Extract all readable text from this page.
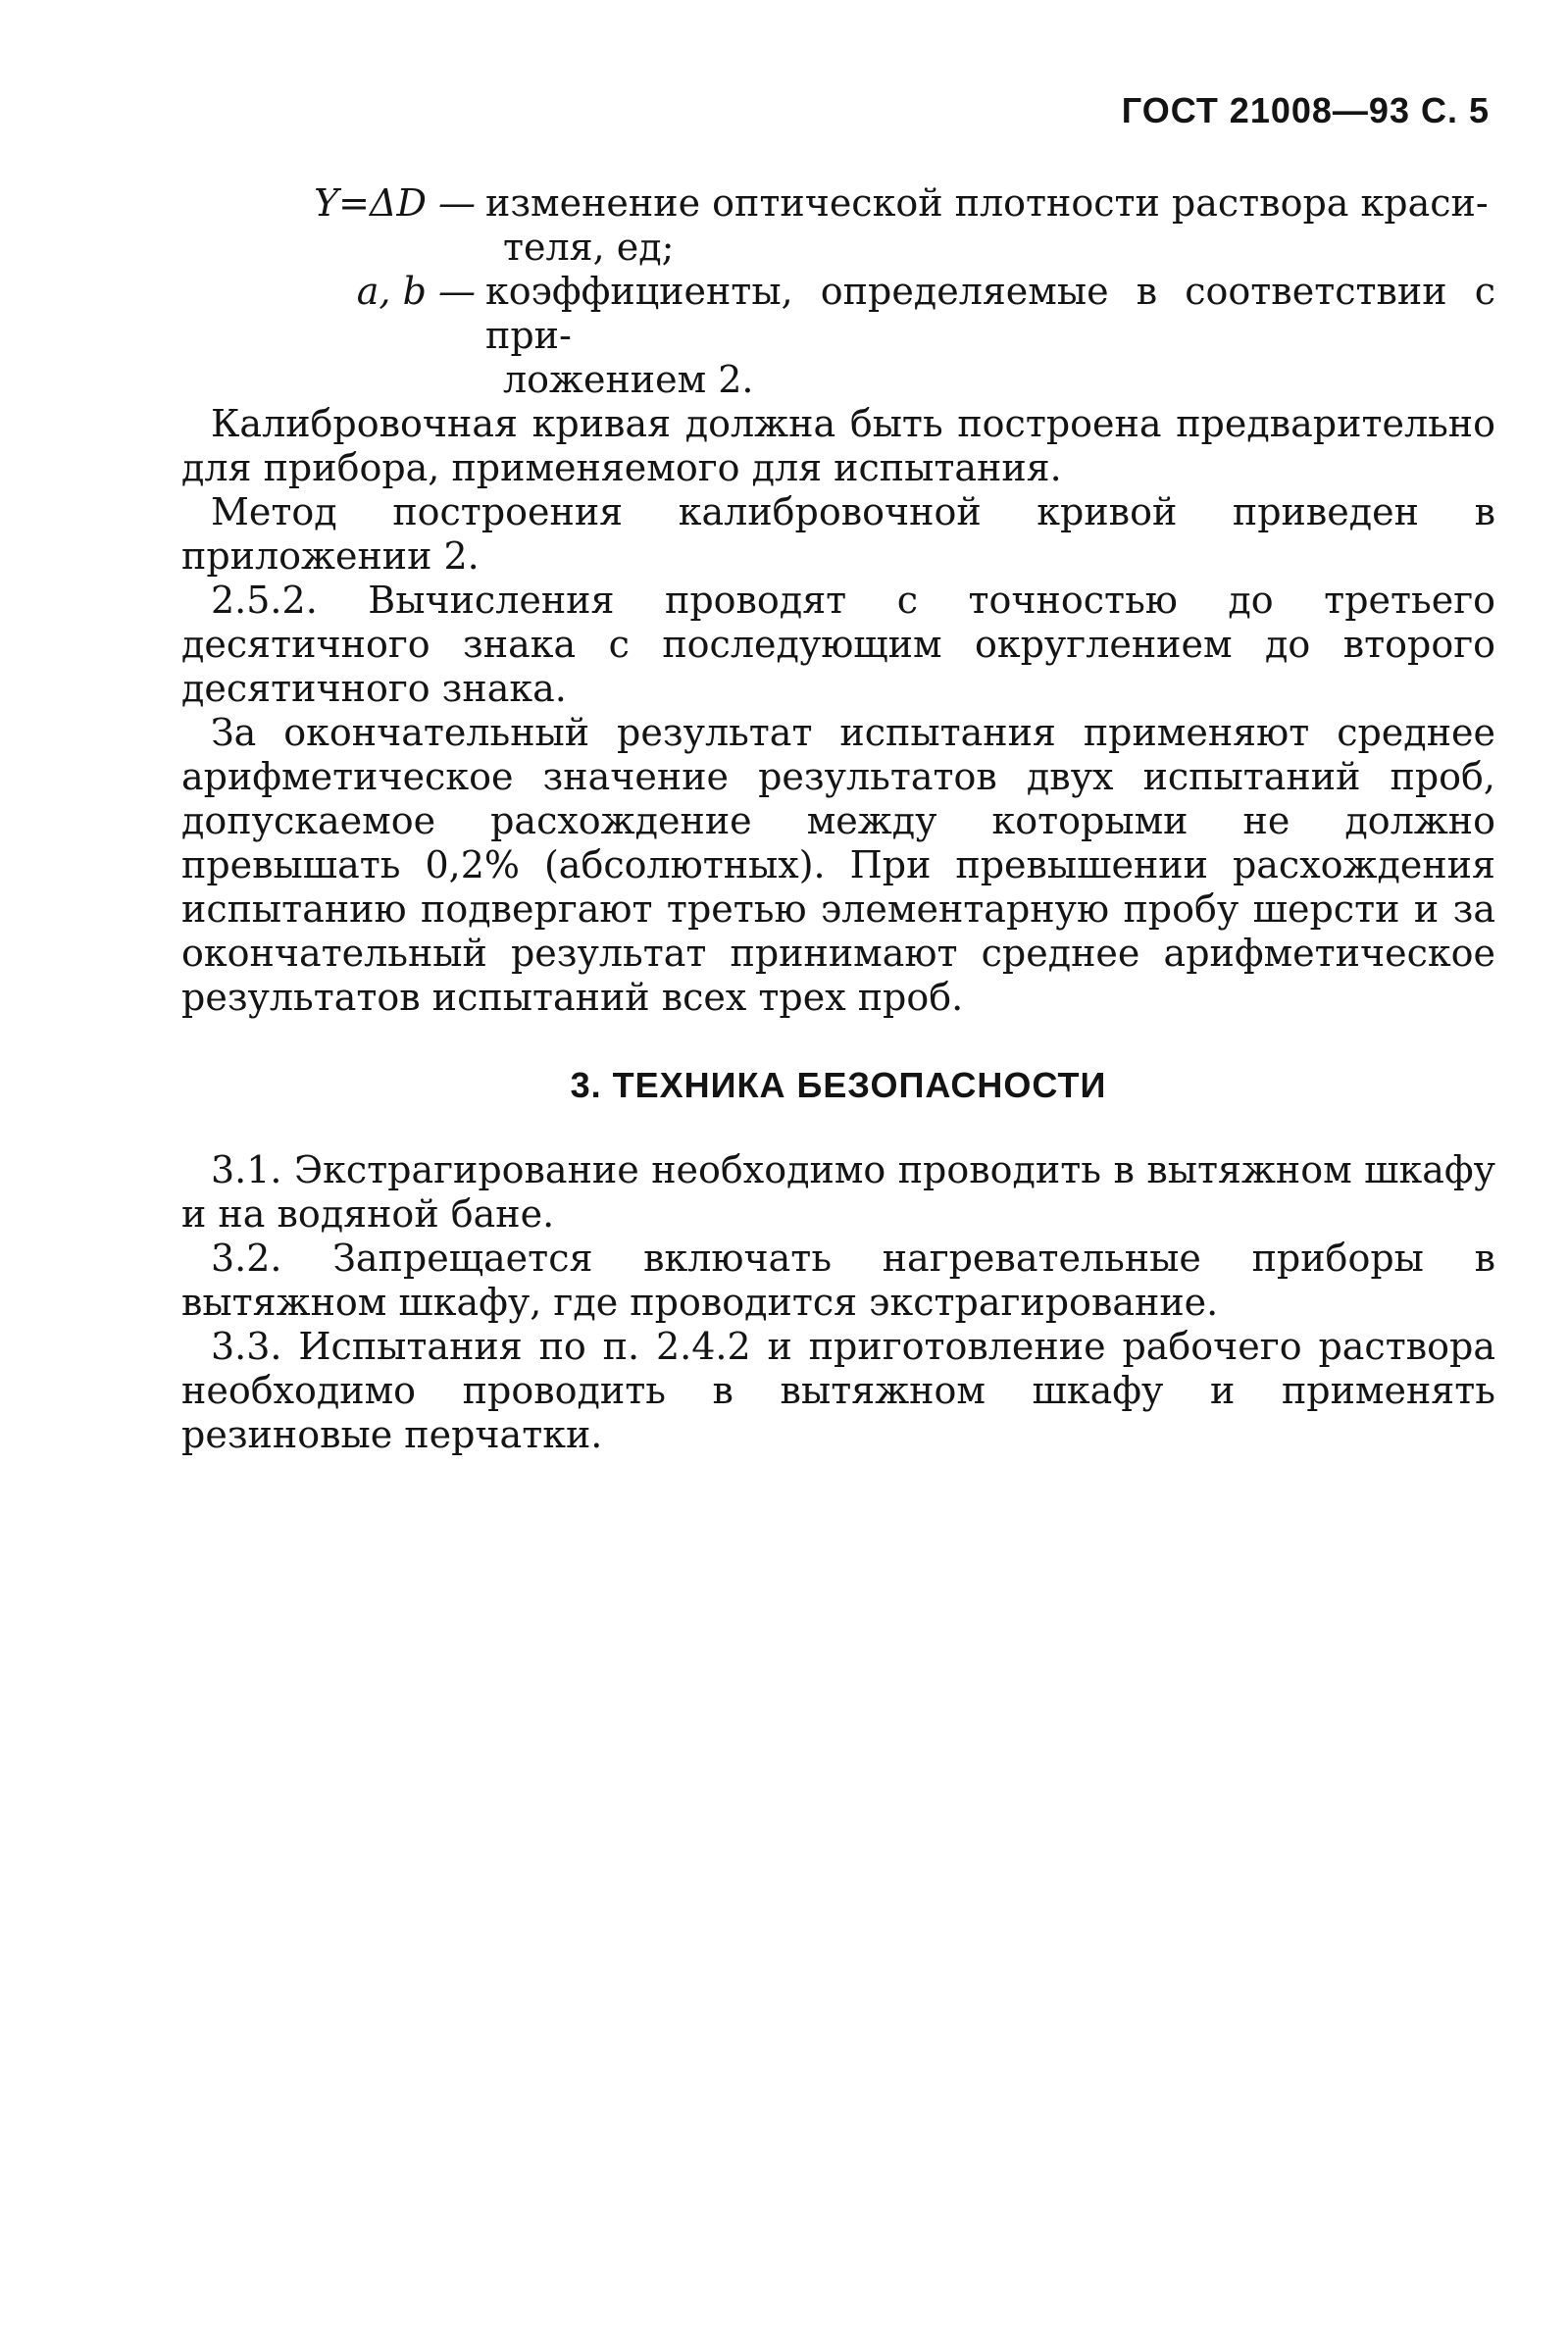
ГОСТ 21008—93 С. 5
Y=ΔD — изменение оптической плотности раствора краси-
теля, ед;
a, b — коэффициенты, определяемые в соответствии с при-
ложением 2.

Калибровочная кривая должна быть построена предварительно для прибора, применяемого для испытания.

Метод построения калибровочной кривой приведен в приложении 2.

2.5.2. Вычисления проводят с точностью до третьего десятичного знака с последующим округлением до второго десятичного знака.

За окончательный результат испытания применяют среднее арифметическое значение результатов двух испытаний проб, допускаемое расхождение между которыми не должно превышать 0,2% (абсолютных). При превышении расхождения испытанию подвергают третью элементарную пробу шерсти и за окончательный результат принимают среднее арифметическое результатов испытаний всех трех проб.

3. ТЕХНИКА БЕЗОПАСНОСТИ

3.1. Экстрагирование необходимо проводить в вытяжном шкафу и на водяной бане.

3.2. Запрещается включать нагревательные приборы в вытяжном шкафу, где проводится экстрагирование.

3.3. Испытания по п. 2.4.2 и приготовление рабочего раствора необходимо проводить в вытяжном шкафу и применять резиновые перчатки.
